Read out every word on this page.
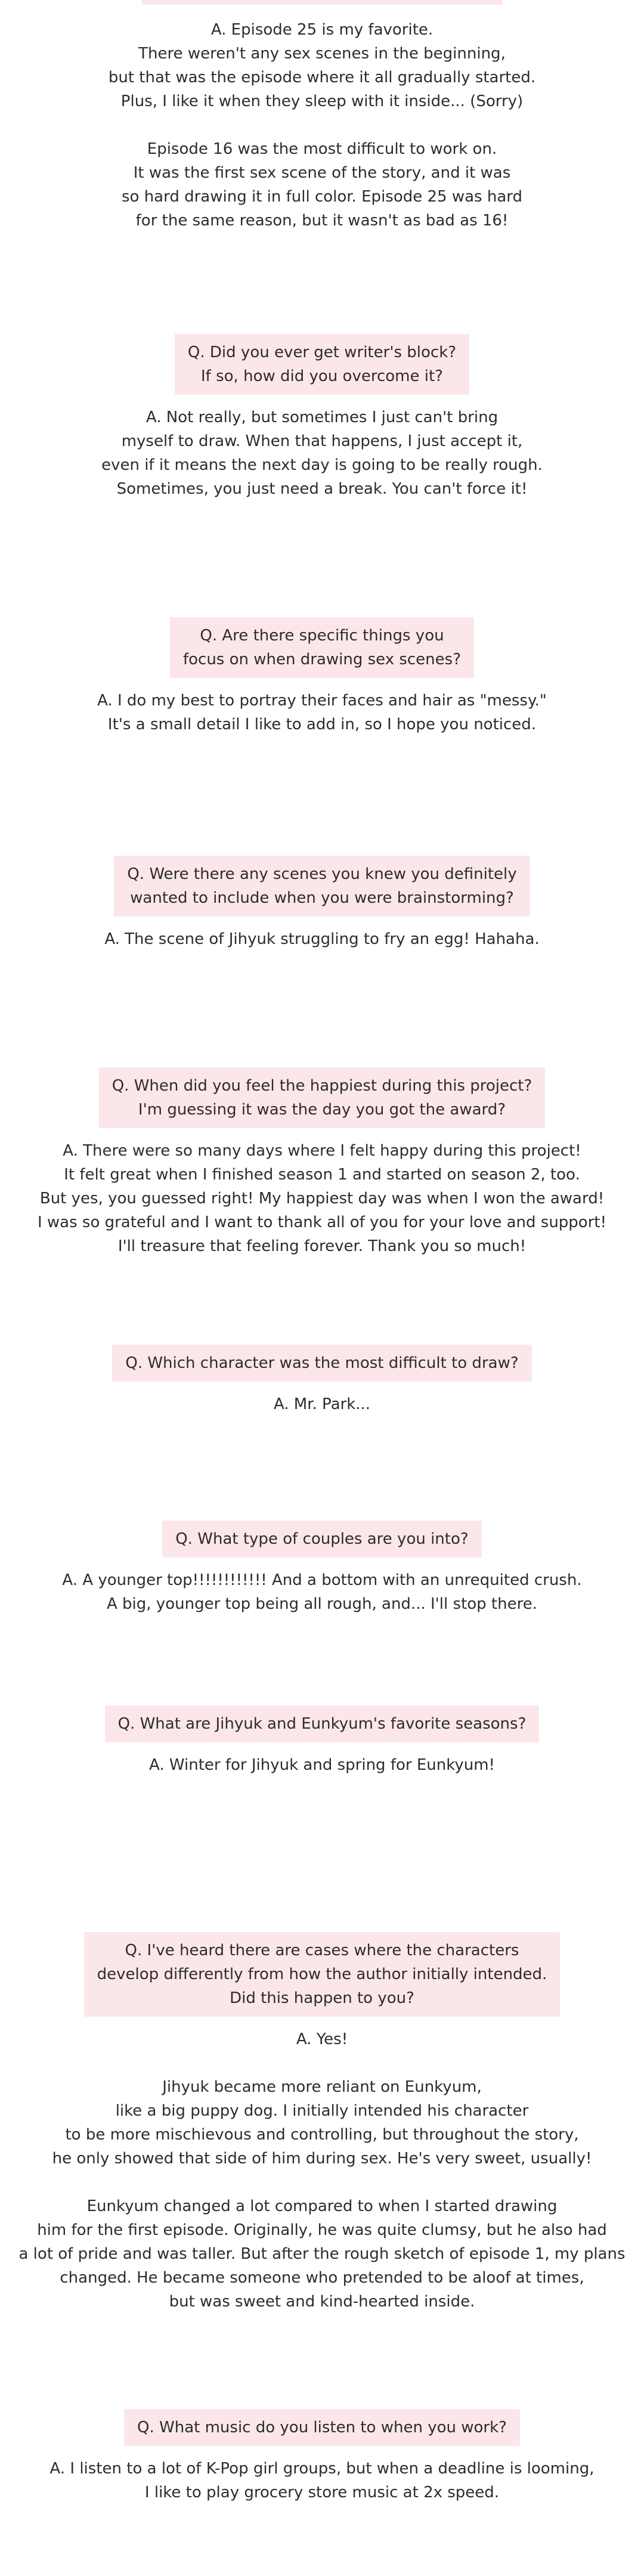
A. Episode 25 is my favorite.
There weren't any sex scenes in the beginning,
but that was the episode where it all gradually started.
Plus, I like it when they sleep with it inside... (Sorry)
Episode 16 was the most difficult to work on.
It was the first sex scene of the story, and it was
so hard drawing it in full color. Episode 25 was hard
for the same reason, but it wasn't as bad as 16!
Q. Did you ever get writer's block?
If so, how did you overcome it?
A. Not really, but sometimes I just can't bring
myself to draw. When that happens, I just accept it,
even if it means the next day is going to be really rough.
Sometimes, you just need a break. You can't force it!
Q. Are there specific things you
focus on when drawing sex scenes?
A. I do my best to portray their faces and hair as "messy."
It's a small detail I like to add in, so I hope you noticed.
Q. Were there any scenes you knew you definitely
wanted to include when you were brainstorming?
A. The scene of Jihyuk struggling to fry an egg! Hahaha.
Q. When did you feel the happiest during this project?
I'm guessing it was the day you got the award?
A. There were so many days where I felt happy during this project!
It felt great when I finished season 1 and started on season 2, too.
But yes, you guessed right! My happiest day was when I won the award!
I was so grateful and I want to thank all of you for your love and support!
I'll treasure that feeling forever. Thank you so much!
Q. Which character was the most difficult to draw?
A. Mr. Park...
Q. What type of couples are you into?
A. A younger top!!!!!!!!!!!! And a bottom with an unrequited crush.
A big, younger top being all rough, and... I'll stop there.
Q. What are Jihyuk and Eunkyum's favorite seasons?
A. Winter for Jihyuk and spring for Eunkyum!
Q. I've heard there are cases where the characters
develop differently from how the author initially intended.
Did this happen to you?
A. Yes!
Jihyuk became more reliant on Eunkyum,
like a big puppy dog. I initially intended his character
to be more mischievous and controlling, but throughout the story,
he only showed that side of him during sex. He's very sweet, usually!
Eunkyum changed a lot compared to when I started drawing
him for the first episode. Originally, he was quite clumsy, but he also had
a lot of pride and was taller. But after the rough sketch of episode 1, my plans
changed. He became someone who pretended to be aloof at times,
but was sweet and kind-hearted inside.
Q. What music do you listen to when you work?
A. I listen to a lot of K-Pop girl groups, but when a deadline is looming,
I like to play grocery store music at 2x speed.
